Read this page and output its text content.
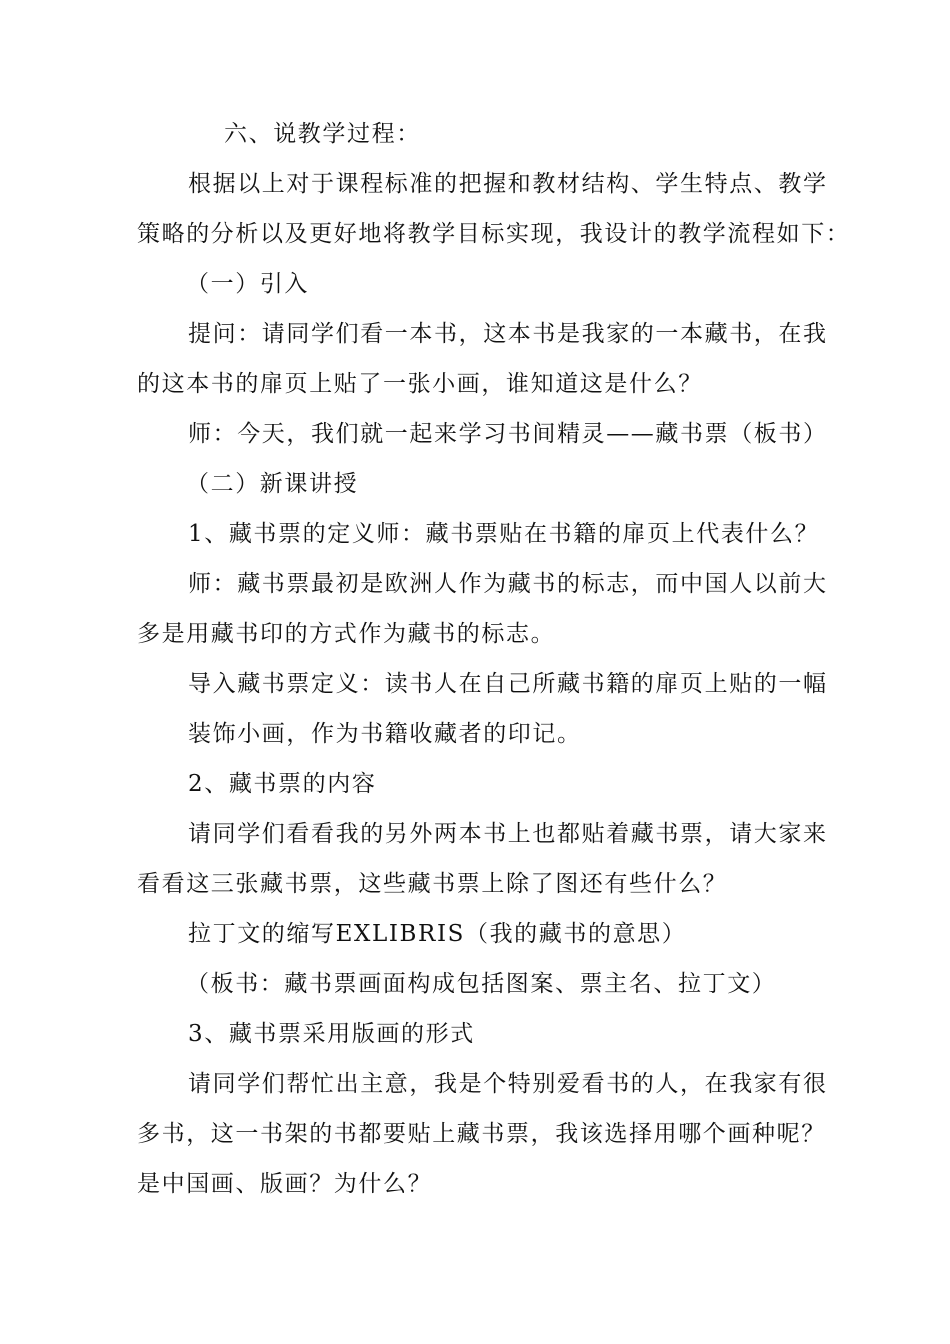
六、说教学过程：
根据以上对于课程标准的把握和教材结构、学生特点、教学
策略的分析以及更好地将教学目标实现，我设计的教学流程如下：
（一）引入
提问：请同学们看一本书，这本书是我家的一本藏书，在我
的这本书的扉页上贴了一张小画，谁知道这是什么？
师：今天，我们就一起来学习书间精灵——藏书票（板书）
（二）新课讲授
1、藏书票的定义师：藏书票贴在书籍的扉页上代表什么？
师：藏书票最初是欧洲人作为藏书的标志，而中国人以前大
多是用藏书印的方式作为藏书的标志。
导入藏书票定义：读书人在自己所藏书籍的扉页上贴的一幅
装饰小画，作为书籍收藏者的印记。
2、藏书票的内容
请同学们看看我的另外两本书上也都贴着藏书票，请大家来
看看这三张藏书票，这些藏书票上除了图还有些什么？
拉丁文的缩写EXLIBRIS（我的藏书的意思）
（板书：藏书票画面构成包括图案、票主名、拉丁文）
3、藏书票采用版画的形式
请同学们帮忙出主意，我是个特别爱看书的人，在我家有很
多书，这一书架的书都要贴上藏书票，我该选择用哪个画种呢？
是中国画、版画？为什么？
